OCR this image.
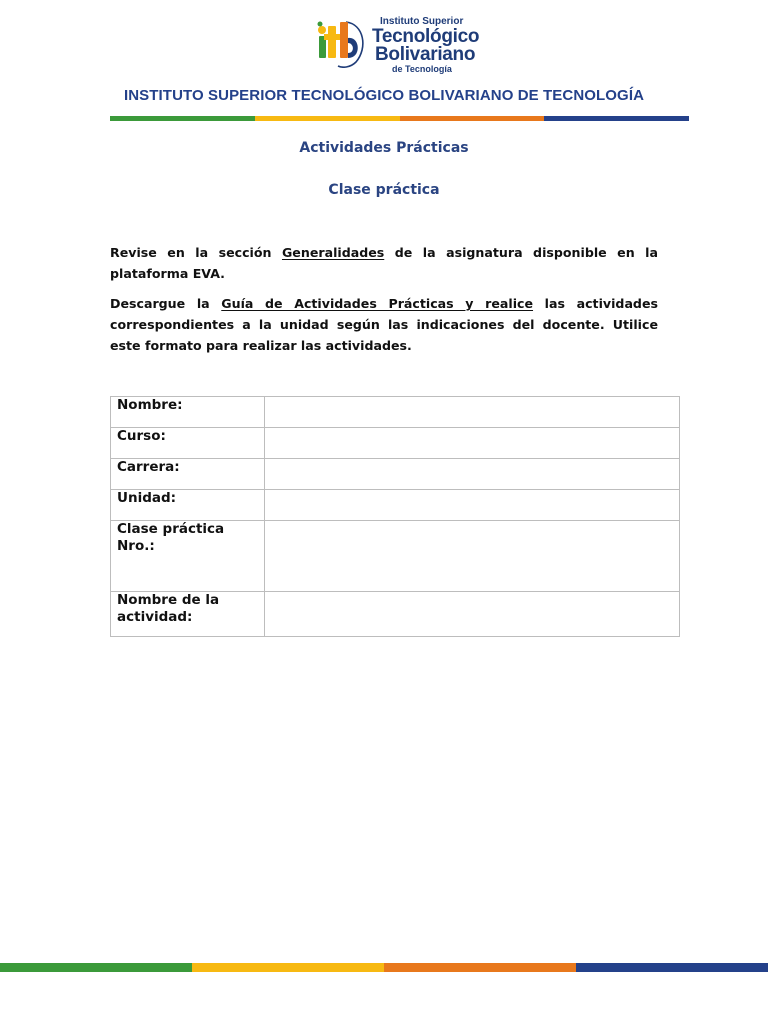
Instituto Superior
Tecnológico
Bolivariano
de Tecnología
INSTITUTO SUPERIOR TECNOLÓGICO BOLIVARIANO DE TECNOLOGÍA
Actividades Prácticas
Clase práctica

Revise en la sección Generalidades de la asignatura disponible en la plataforma EVA.

Descargue la Guía de Actividades Prácticas y realice las actividades correspondientes a la unidad según las indicaciones del docente. Utilice este formato para realizar las actividades.

Nombre:	
Curso:	
Carrera:	
Unidad:	
Clase práctica Nro.:	
Nombre de la actividad:	
